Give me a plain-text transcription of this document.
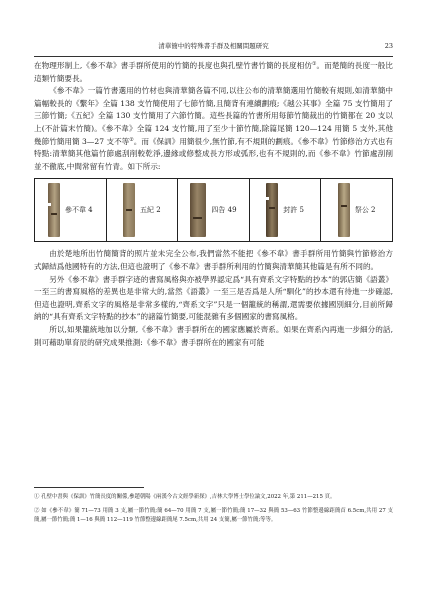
清華簡中的特殊書手群及相關問題研究	23

在物理形制上,《參不韋》書手群所使用的竹簡的長度也與孔壁竹書竹簡的長度相仿①。而楚簡的長度一般比這類竹簡要長。

《參不韋》一篇竹書選用的竹材也與清華簡各篇不同,以往公布的清華簡選用竹簡較有規則,如清華簡中篇幅較長的《繫年》全篇 138 支竹簡使用了七節竹簡,且簡背有連續劃痕;《越公其事》全篇 75 支竹簡用了三節竹簡;《五紀》全篇 130 支竹簡用了六節竹簡。這些長篇的竹書所用每節竹簡裁出的竹簡都在 20 支以上(不計篇末竹簡)。《參不韋》全篇 124 支竹簡,用了至少十節竹簡,除篇尾簡 120—124 用簡 5 支外,其他幾節竹簡用簡 3—27 支不等②。而《保訓》用簡很少,無竹節,有不規則的劃痕。《參不韋》竹節修治方式也有特點:清華簡其他篇竹節處刮削較乾淨,邊緣或修整成長方形或弧形,也有不規則的,而《參不韋》竹節處刮削並不徹底,中間常留有竹青。如下所示:

參不韋 4	五紀 2	四告 49	封許 5	祭公 2

由於楚地所出竹簡簡背的照片並未完全公布,我們當然不能把《參不韋》書手群所用竹簡與竹節修治方式歸結爲他國特有的方法,但這也證明了《參不韋》書手群所利用的竹簡與清華簡其他篇是有所不同的。

另外《參不韋》書手群字迹的書寫風格與亦被學界認定爲“具有齊系文字特點的抄本”的郭店簡《語叢》一至三的書寫風格的差異也是非常大的,當然《語叢》一至三是否爲是人所“馴化”的抄本還有待進一步確認,但這也證明,齊系文字的風格是非常多樣的,“齊系文字”只是一個籠統的稱謂,還需要依據國別細分,目前所歸納的“具有齊系文字特點的抄本”的諸篇竹簡要,可能混雜有多個國家的書寫風格。

所以,如果籠統地加以分類,《參不韋》書手群所在的國家應屬於齊系。如果在齊系內再進一步細分的話,則可藉助單育辰的研究成果推測:《參不韋》書手群所在的國家有可能

① 孔壁中書與《保訓》竹簡長度的關係,參趙朝陽《兩漢今古文經學新探》,吉林大學博士學位論文,2022 年,第 211—215 頁。

② 如《參不韋》簡 71—73 用簡 3 支,屬一節竹簡;簡 64—70 用簡 7 支,屬一節竹簡;簡 17—32 與簡 53—63 竹節整邊線距簡首 6.5cm,共用 27 支簡,屬一節竹簡;簡 1—16 與簡 112—119 竹節整邊線距簡尾 7.5cm,共用 24 支簡,屬一節竹簡;等等。
